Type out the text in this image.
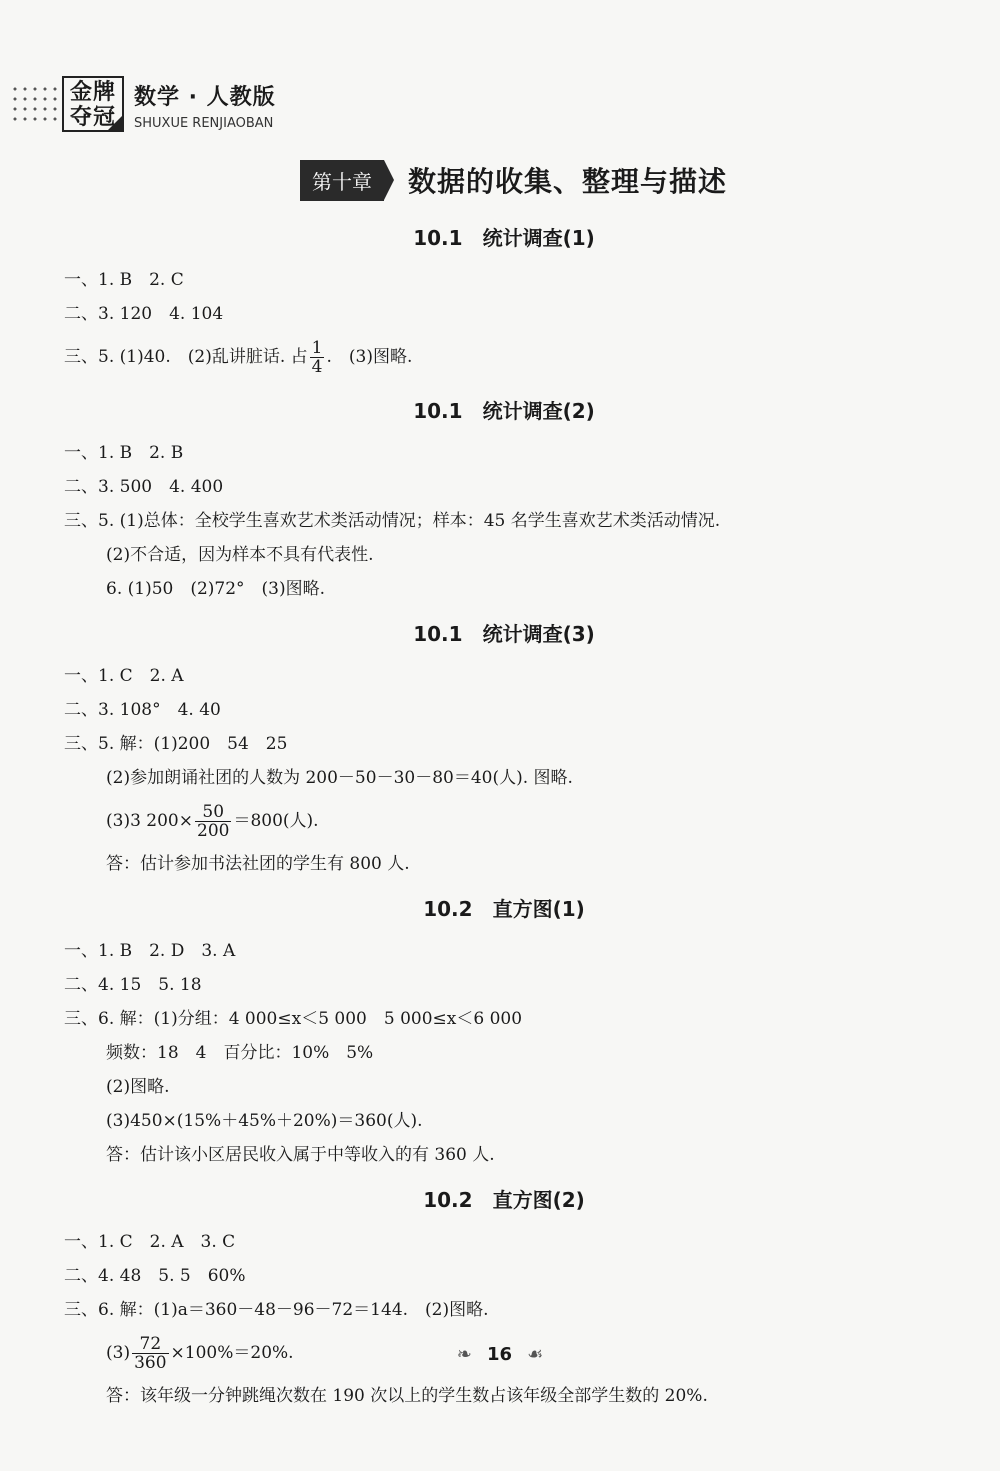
金牌
夺冠
数学 · 人教版
SHUXUE RENJIAOBAN
第十章	数据的收集、整理与描述
10.1　统计调查(1)
一、1. B　2. C
二、3. 120　4. 104
三、5. (1)40.　(2)乱讲脏话. 占 $\frac{1}{4}$ .　(3)图略.
10.1　统计调查(2)
一、1. B　2. B
二、3. 500　4. 400
三、5. (1)总体：全校学生喜欢艺术类活动情况；样本：45 名学生喜欢艺术类活动情况.
(2)不合适，因为样本不具有代表性.
6. (1)50　(2)72°　(3)图略.
10.1　统计调查(3)
一、1. C　2. A
二、3. 108°　4. 40
三、5. 解：(1)200　54　25
(2)参加朗诵社团的人数为 200－50－30－80＝40(人). 图略.
(3)3 $200\times \frac{50}{200} =800$(人).
答：估计参加书法社团的学生有 800 人.
10.2　直方图(1)
一、1. B　2. D　3. A
二、4. 15　5. 18
三、6. 解：(1)分组：4 000≤x＜5 000　5 000≤x＜6 000
频数：18　4　百分比：10%　5%
(2)图略.
(3)450×(15%＋45%＋20%)＝360(人).
答：估计该小区居民收入属于中等收入的有 360 人.
10.2　直方图(2)
一、1. C　2. A　3. C
二、4. 48　5. 5　60%
三、6. 解：(1)a＝360－48－96－72＝144.　(2)图略.
$(3) \frac{72}{360} \times 100\%=20\%$.
答：该年级一分钟跳绳次数在 190 次以上的学生数占该年级全部学生数的 20%.
❧ 16 ☙
